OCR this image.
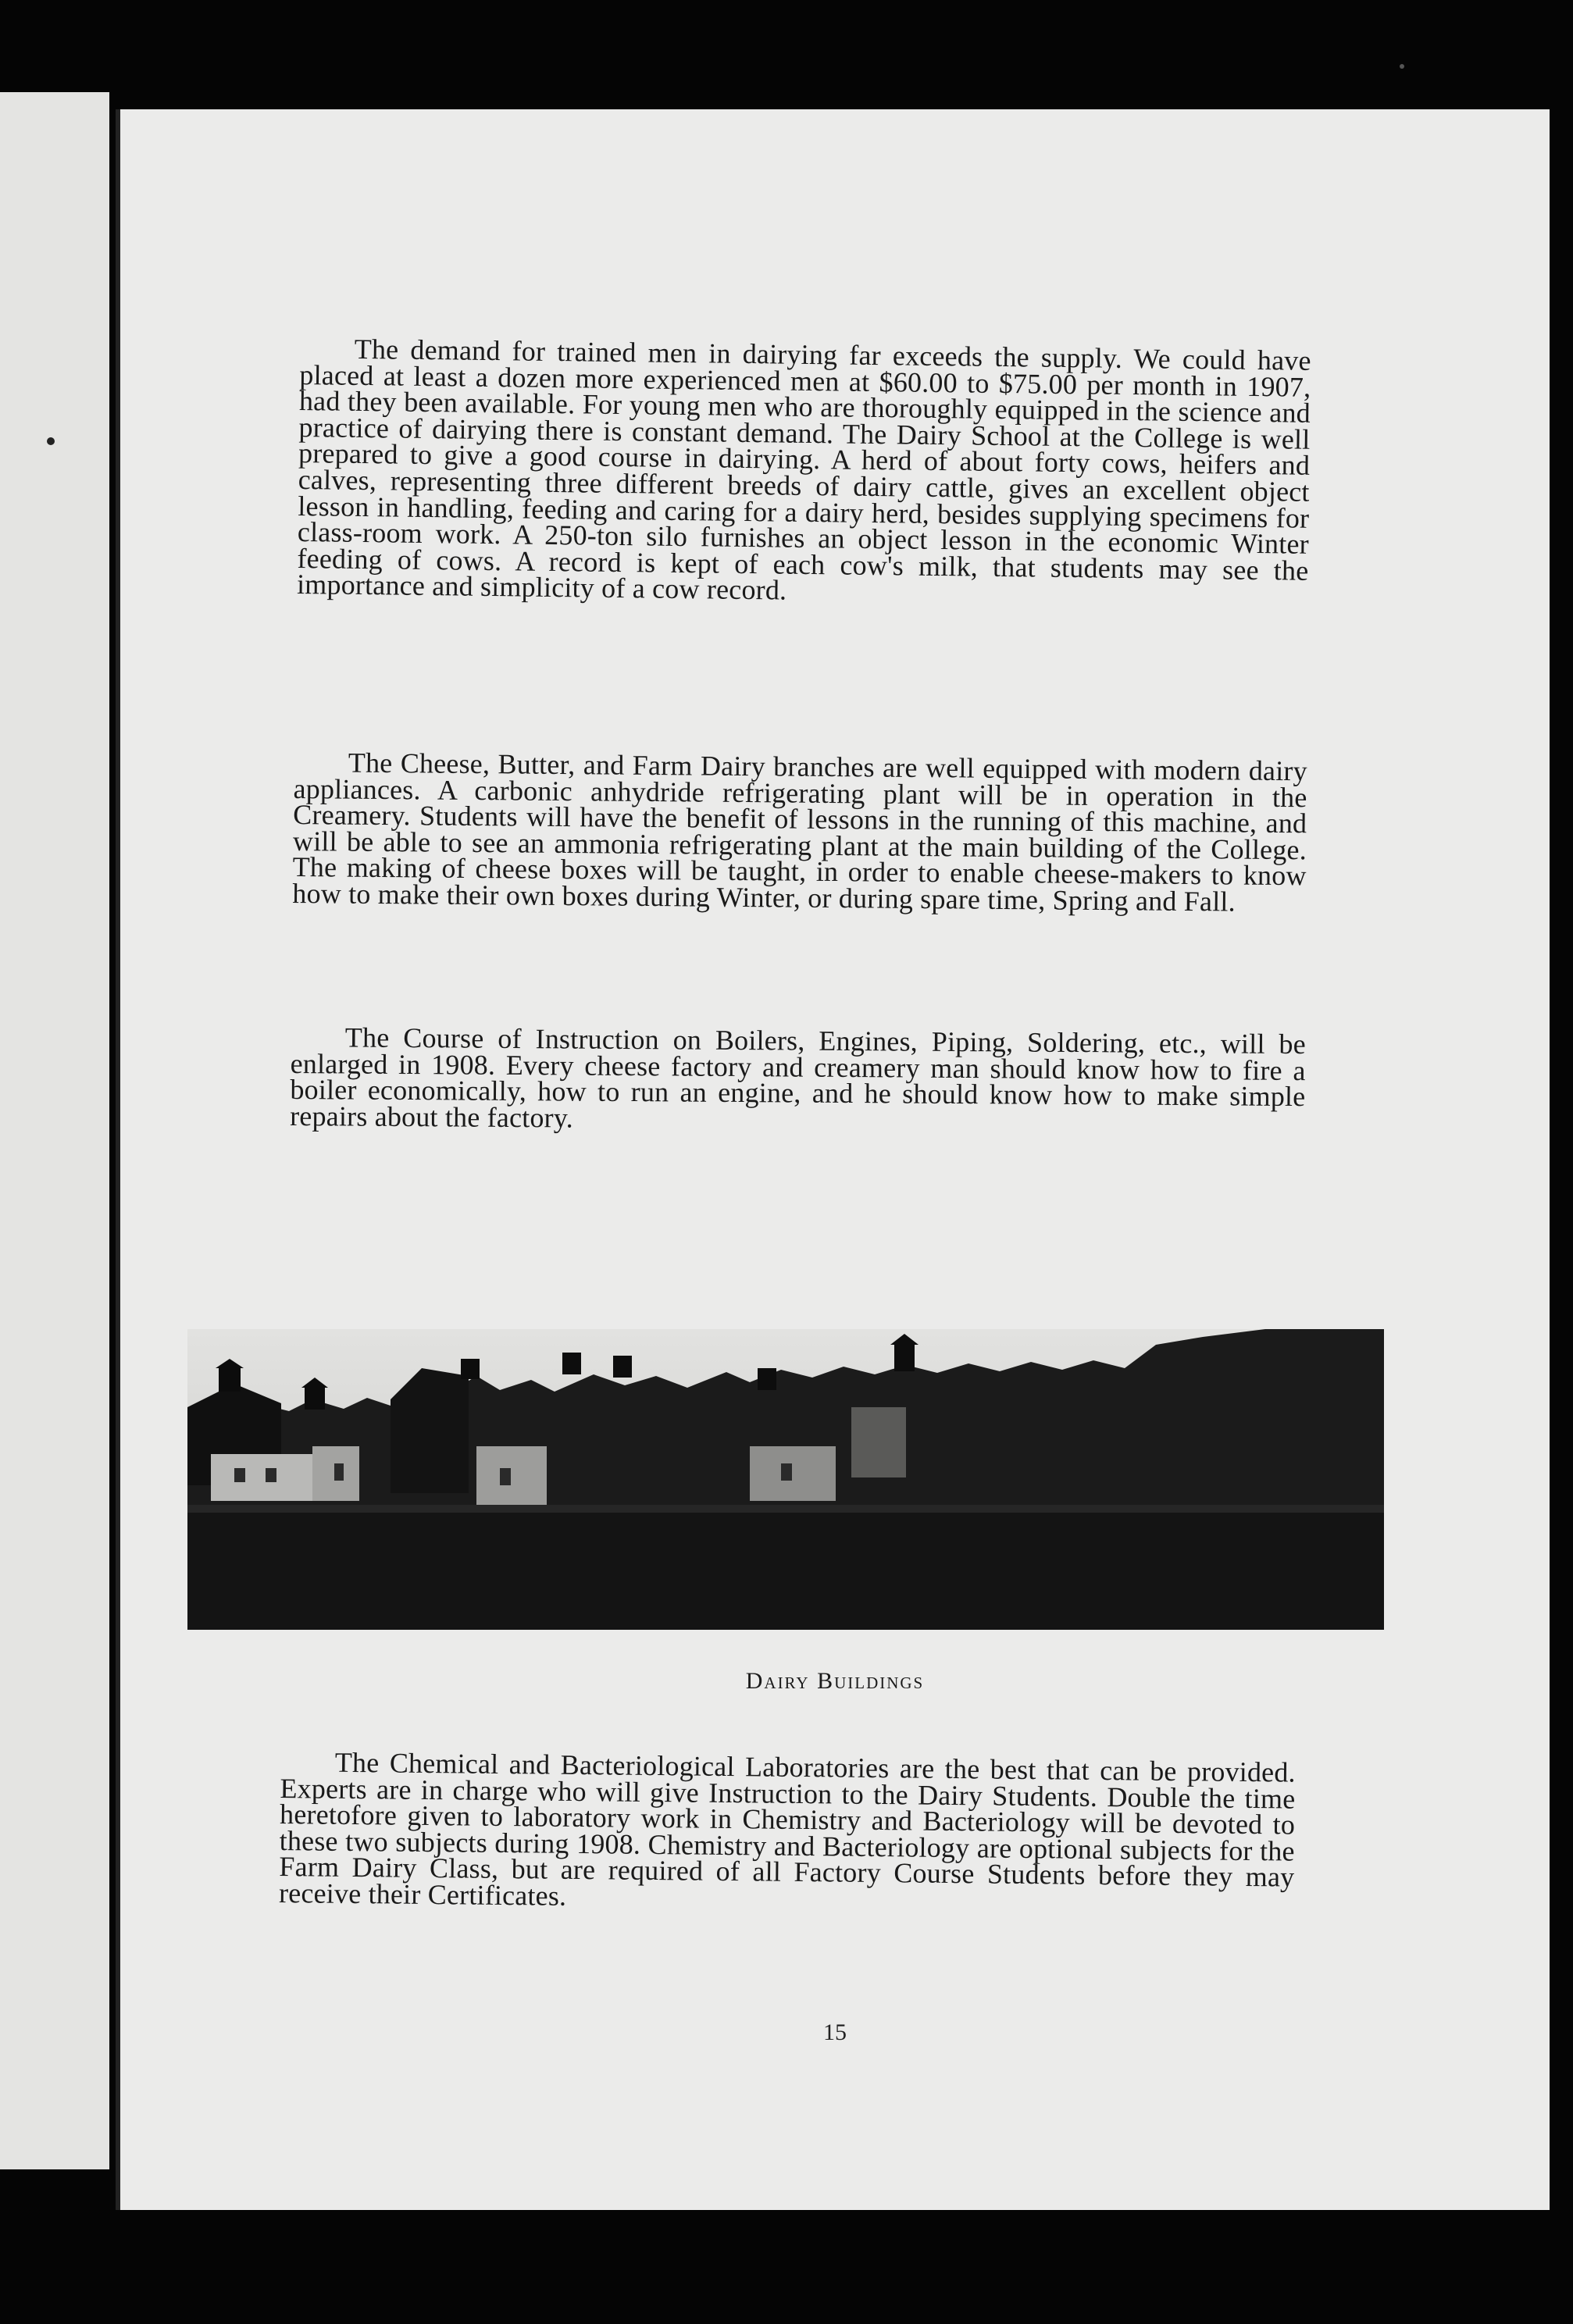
The demand for trained men in dairying far exceeds the supply. We could have placed at least a dozen more experienced men at $60.00 to $75.00 per month in 1907, had they been available. For young men who are thoroughly equipped in the science and practice of dairying there is constant demand. The Dairy School at the College is well prepared to give a good course in dairying. A herd of about forty cows, heifers and calves, representing three different breeds of dairy cattle, gives an excellent object lesson in handling, feeding and caring for a dairy herd, besides supplying specimens for class-room work. A 250-ton silo furnishes an object lesson in the economic Winter feeding of cows. A record is kept of each cow's milk, that students may see the importance and simplicity of a cow record.

The Cheese, Butter, and Farm Dairy branches are well equipped with modern dairy appliances. A carbonic anhydride refrigerating plant will be in operation in the Creamery. Students will have the benefit of lessons in the running of this machine, and will be able to see an ammonia refrigerating plant at the main building of the College. The making of cheese boxes will be taught, in order to enable cheese-makers to know how to make their own boxes during Winter, or during spare time, Spring and Fall.

The Course of Instruction on Boilers, Engines, Piping, Soldering, etc., will be enlarged in 1908. Every cheese factory and creamery man should know how to fire a boiler economically, how to run an engine, and he should know how to make simple repairs about the factory.

Dairy Buildings

The Chemical and Bacteriological Laboratories are the best that can be provided. Experts are in charge who will give Instruction to the Dairy Students. Double the time heretofore given to laboratory work in Chemistry and Bacteriology will be devoted to these two subjects during 1908. Chemistry and Bacteriology are optional subjects for the Farm Dairy Class, but are required of all Factory Course Students before they may receive their Certificates.

15
